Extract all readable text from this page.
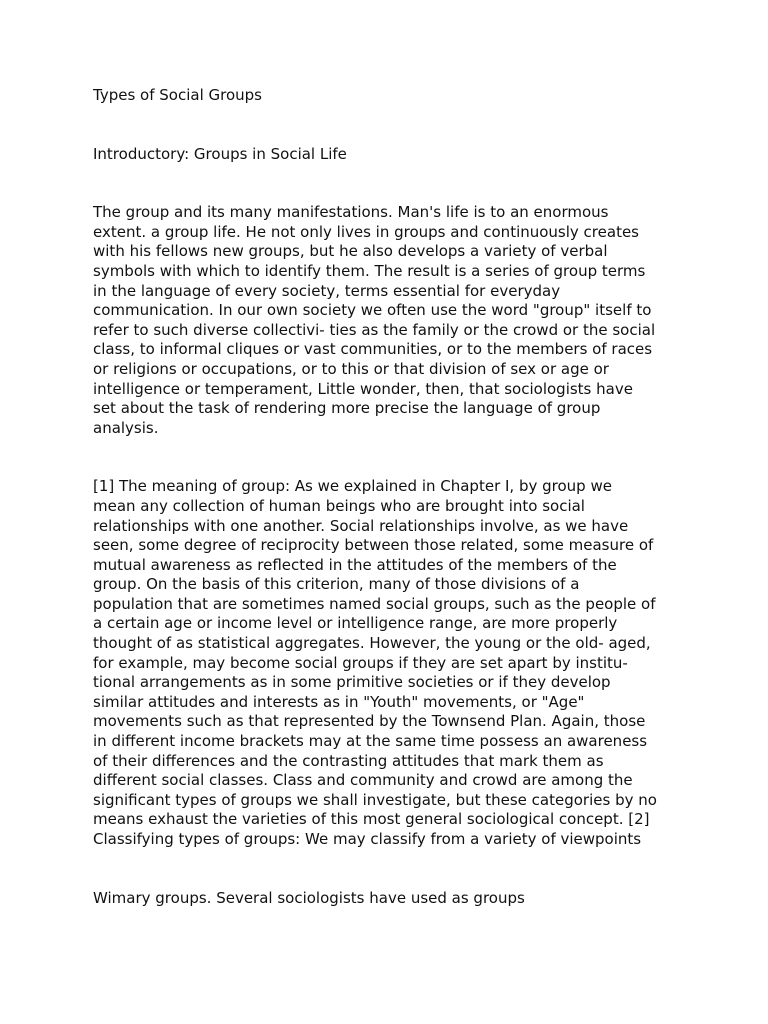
Types of Social Groups

Introductory: Groups in Social Life

The group and its many manifestations. Man's life is to an enormous
extent. a group life. He not only lives in groups and continuously creates
with his fellows new groups, but he also develops a variety of verbal
symbols with which to identify them. The result is a series of group terms
in the language of every society, terms essential for everyday
communication. In our own society we often use the word "group" itself to
refer to such diverse collectivi- ties as the family or the crowd or the social
class, to informal cliques or vast communities, or to the members of races
or religions or occupations, or to this or that division of sex or age or
intelligence or temperament, Little wonder, then, that sociologists have
set about the task of rendering more precise the language of group
analysis.

[1] The meaning of group: As we explained in Chapter I, by group we
mean any collection of human beings who are brought into social
relationships with one another. Social relationships involve, as we have
seen, some degree of reciprocity between those related, some measure of
mutual awareness as reflected in the attitudes of the members of the
group. On the basis of this criterion, many of those divisions of a
population that are sometimes named social groups, such as the people of
a certain age or income level or intelligence range, are more properly
thought of as statistical aggregates. However, the young or the old- aged,
for example, may become social groups if they are set apart by institu-
tional arrangements as in some primitive societies or if they develop
similar attitudes and interests as in "Youth" movements, or "Age"
movements such as that represented by the Townsend Plan. Again, those
in different income brackets may at the same time possess an awareness
of their differences and the contrasting attitudes that mark them as
different social classes. Class and community and crowd are among the
significant types of groups we shall investigate, but these categories by no
means exhaust the varieties of this most general sociological concept. [2]
Classifying types of groups: We may classify from a variety of viewpoints

Wimary groups. Several sociologists have used as groups
